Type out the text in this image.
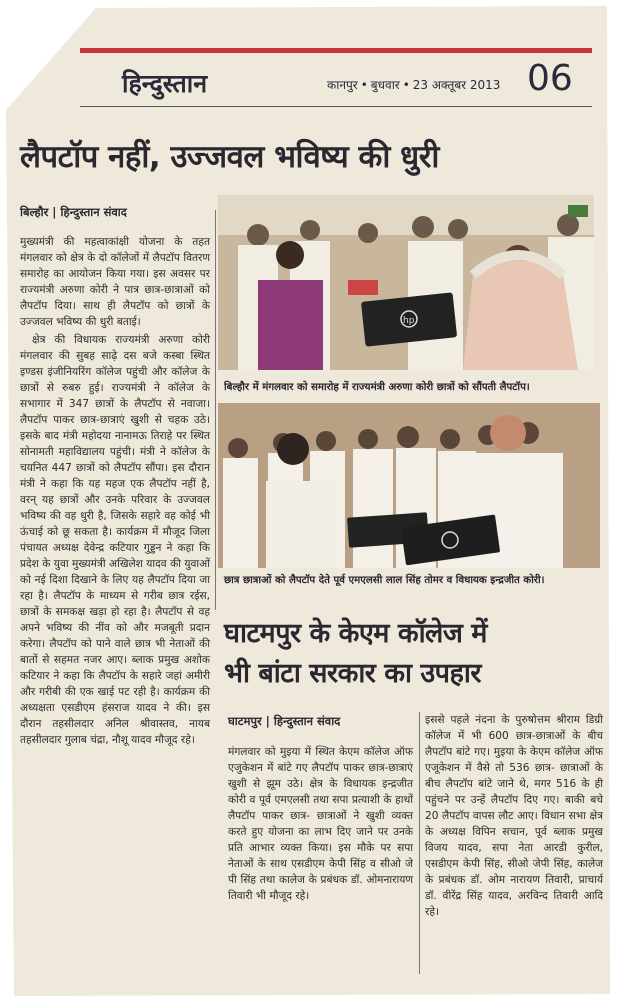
हिन्दुस्तान	कानपुर • बुधवार • 23 अक्तूबर 2013 06
लैपटॉप नहीं, उज्जवल भविष्य की धुरी
बिल्हौर | हिन्दुस्तान संवाद

मुख्यमंत्री की महत्वाकांक्षी योजना के तहत मंगलवार को क्षेत्र के दो कॉलेजों में लैपटॉप वितरण समारोह का आयोजन किया गया। इस अवसर पर राज्यमंत्री अरुणा कोरी ने पात्र छात्र-छात्राओं को लैपटॉप दिया। साथ ही लैपटॉप को छात्रों के उज्जवल भविष्य की धुरी बताई।

क्षेत्र की विधायक राज्यमंत्री अरुणा कोरी मंगलवार की सुबह साढ़े दस बजे कस्बा स्थित इण्डस इंजीनियरिंग कॉलेज पहुंची और कॉलेज के छात्रों से रुबरु हुई। राज्यमंत्री ने कॉलेज के सभागार में 347 छात्रों के लैपटॉप से नवाजा। लैपटॉप पाकर छात्र-छात्राएं खुशी से चहक उठे। इसके बाद मंत्री महोदया नानामऊ तिराहे पर स्थित सोनामती महाविद्यालय पहुंची। मंत्री ने कॉलेज के चयनित 447 छात्रों को लैपटॉप सौंपा। इस दौरान मंत्री ने कहा कि यह महज एक लैपटॉप नहीं है, वरन् यह छात्रों और उनके परिवार के उज्जवल भविष्य की वह धुरी है, जिसके सहारे वह कोई भी ऊंचाई को छू सकता है। कार्यक्रम में मौजूद जिला पंचायत अध्यक्ष देवेन्द्र कटियार गुड्डन ने कहा कि प्रदेश के युवा मुख्यमंत्री अखिलेश यादव की युवाओं को नई दिशा दिखाने के लिए यह लैपटॉप दिया जा रहा है। लैपटॉप के माध्यम से गरीब छात्र रईस, छात्रों के समकक्ष खड़ा हो रहा है। लैपटॉप से वह अपने भविष्य की नींव को और मजबूती प्रदान करेगा। लैपटॉप को पाने वाले छात्र भी नेताओं की बातों से सहमत नजर आए। ब्लाक प्रमुख अशोक कटियार ने कहा कि लैपटॉप के सहारे जहां अमीरी और गरीबी की एक खाई पट रही है। कार्यक्रम की अध्यक्षता एसडीएम हंसराज यादव ने की। इस दौरान तहसीलदार अनिल श्रीवास्तव, नायब तहसीलदार गुलाब चंद्रा, नौशू यादव मौजूद रहे।

hp
बिल्हौर में मंगलवार को समारोह में राज्यमंत्री अरुणा कोरी छात्रों को सौंपती लैपटॉप।
छात्र छात्राओं को लैपटॉप देते पूर्व एमएलसी लाल सिंह तोमर व विधायक इन्द्रजीत कोरी।
घाटमपुर के केएम कॉलेज में
भी बांटा सरकार का उपहार
घाटमपुर | हिन्दुस्तान संवाद

मंगलवार को मुइया में स्थित केएम कॉलेज ऑफ एजुकेशन में बांटे गए लैपटॉप पाकर छात्र-छात्राएं खुशी से झूम उठे। क्षेत्र के विधायक इन्द्रजीत कोरी व पूर्व एमएलसी तथा सपा प्रत्याशी के हाथों लैपटॉप पाकर छात्र- छात्राओं ने खुशी व्यक्त करते हुए योजना का लाभ दिए जाने पर उनके प्रति आभार व्यक्त किया। इस मौके पर सपा नेताओं के साथ एसडीएम केपी सिंह व सीओ जे पी सिंह तथा कालेज के प्रबंधक डॉ. ओमनारायण तिवारी भी मौजूद रहे।

इससे पहले नंदना के पुरुषोत्तम श्रीराम डिग्री कॉलेज में भी 600 छात्र-छात्राओं के बीच लैपटॉप बांटे गए। मुइया के केएम कॉलेज ऑफ एजूकेशन में वैसे तो 536 छात्र- छात्राओं के बीच लैपटॉप बांटे जाने थे, मगर 516 के ही पहुंचने पर उन्हें लैपटॉप दिए गए। बाकी बचे 20 लैपटॉप वापस लौट आए। विधान सभा क्षेत्र के अध्यक्ष विपिन सचान, पूर्व ब्लाक प्रमुख विजय यादव, सपा नेता आरडी कुरील, एसडीएम केपी सिंह, सीओ जेपी सिंह, कालेज के प्रबंधक डॉ. ओम नारायण तिवारी, प्राचार्य डॉ. वीरेंद्र सिंह यादव, अरविन्द तिवारी आदि रहे।
